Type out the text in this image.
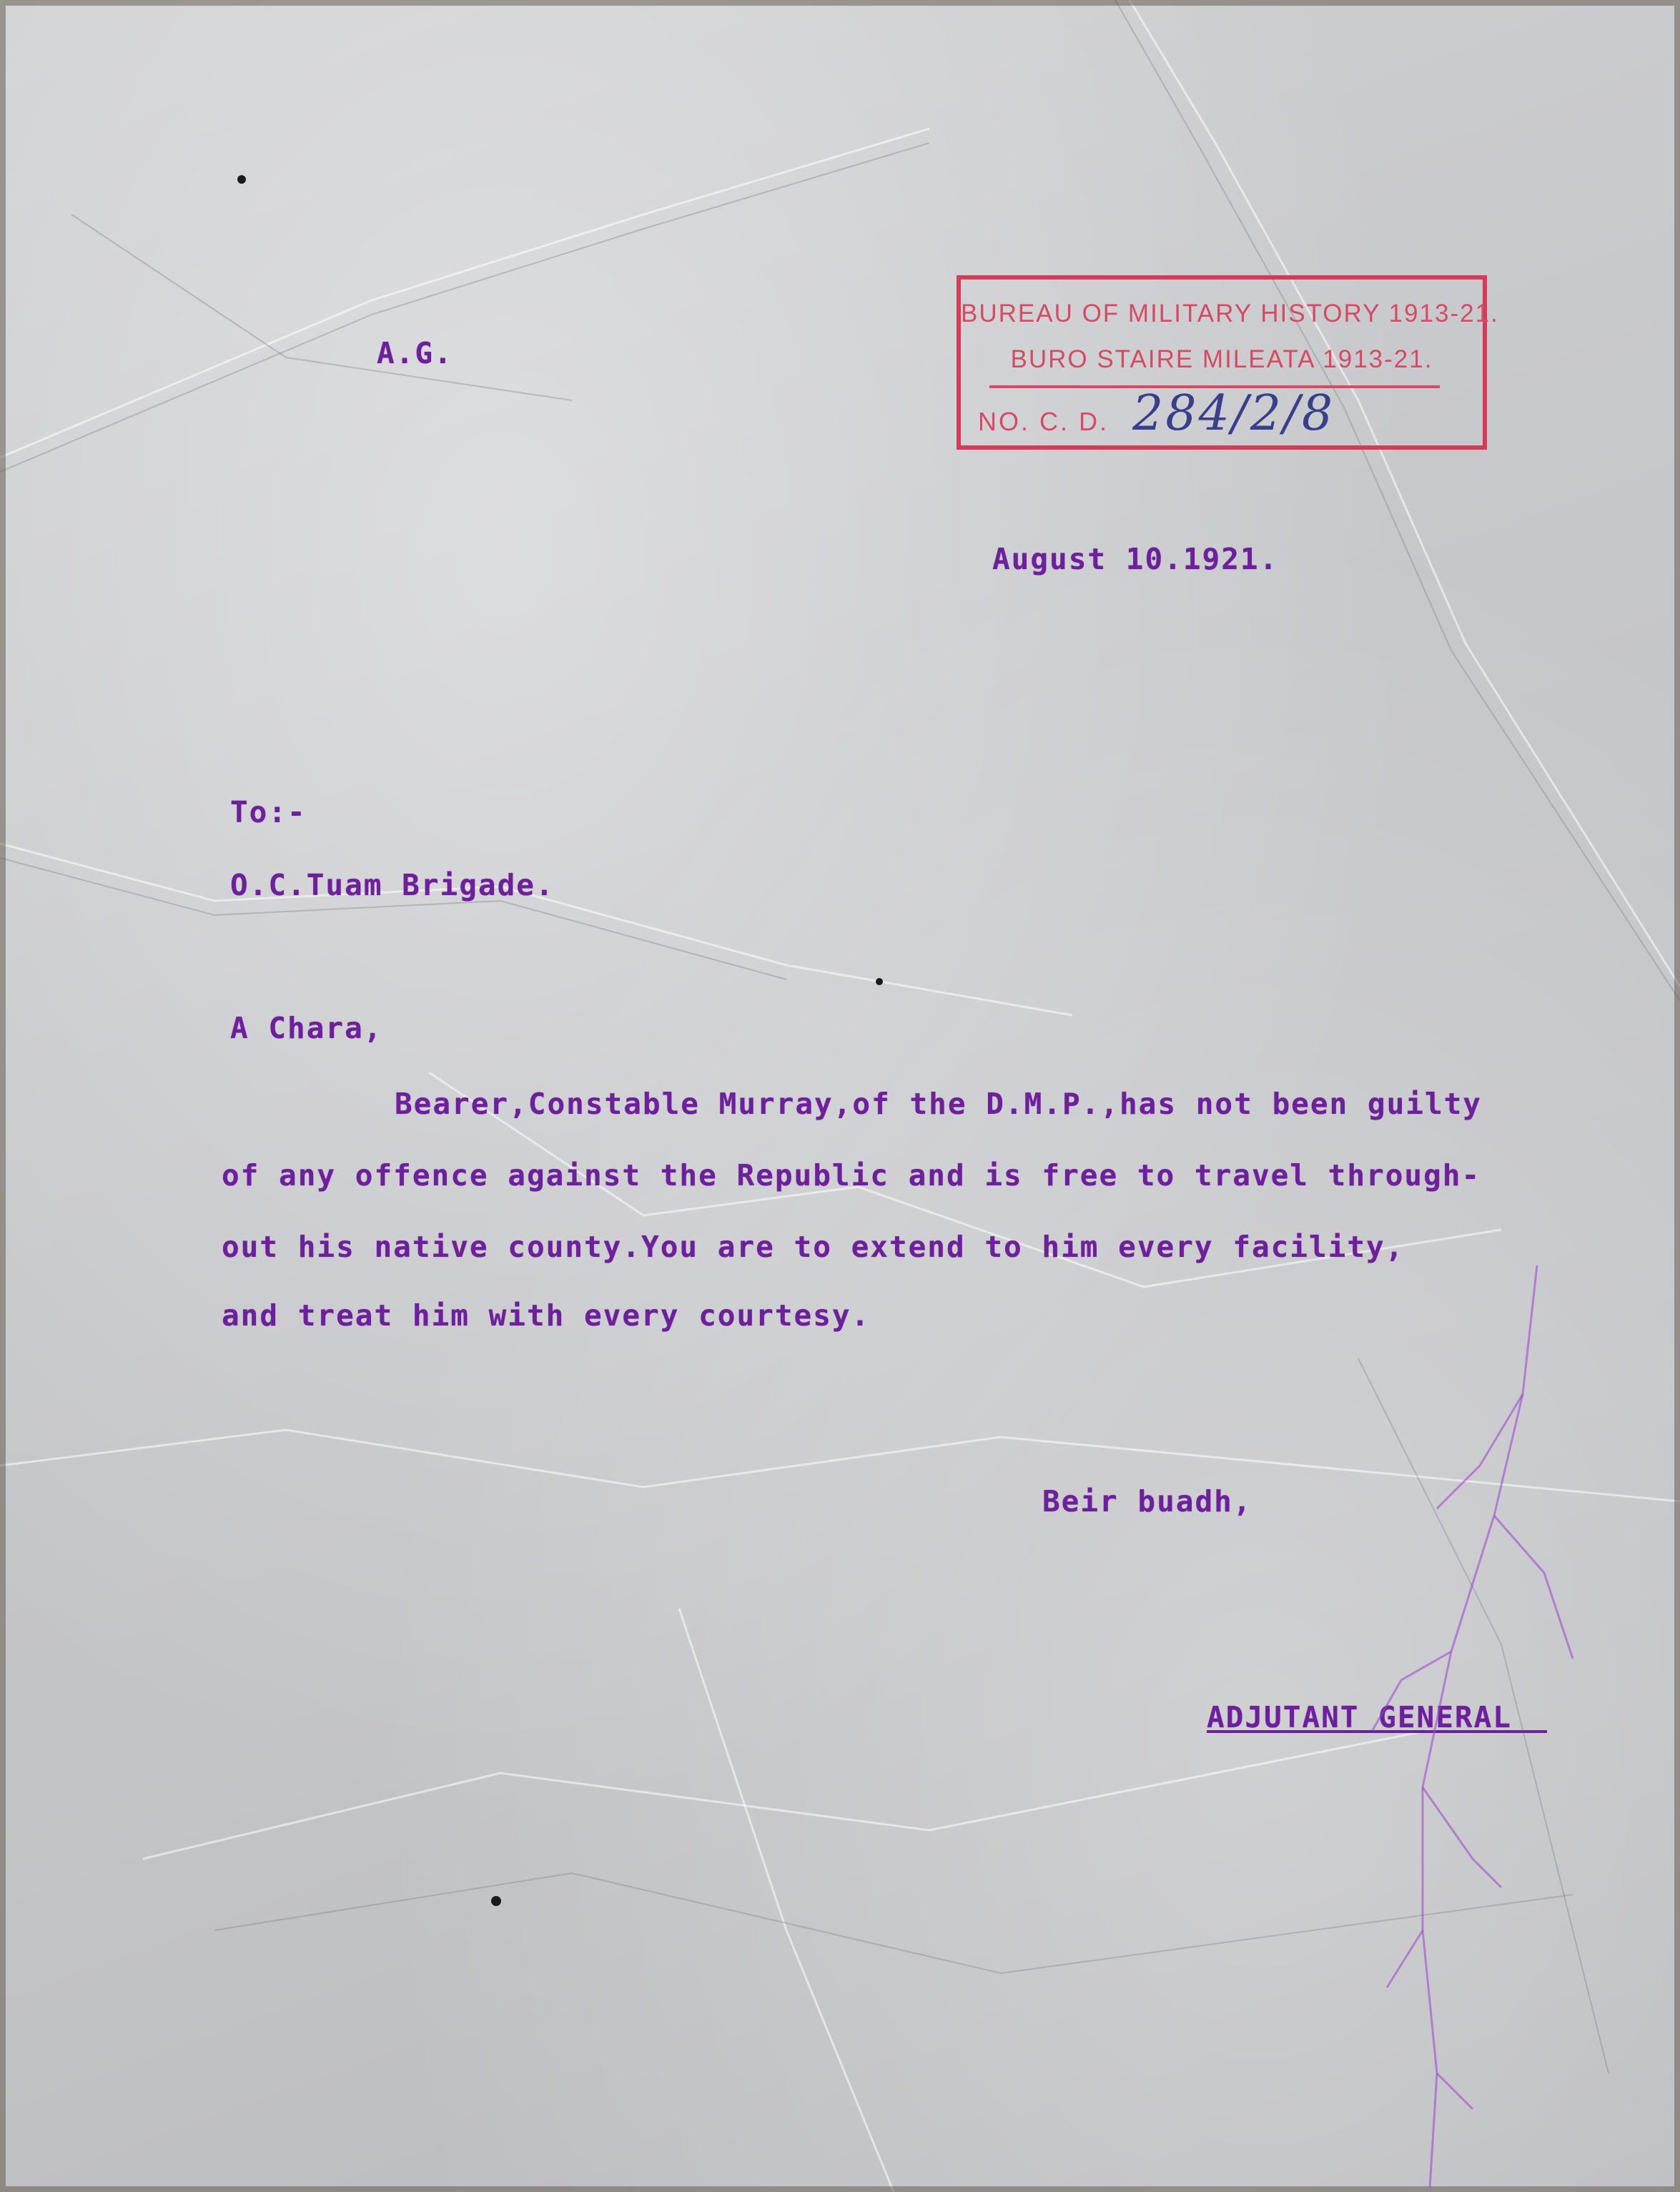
BUREAU OF MILITARY HISTORY 1913-21.
BURO STAIRE MILEATA 1913-21.
NO. C. D. 284/2/8
A.G.
August 10.1921.
To:-
O.C.Tuam Brigade.
A Chara,
Bearer,Constable Murray,of the D.M.P.,has not been guilty
of any offence against the Republic and is free to travel through-
out his native county.You are to extend to him every facility,
and treat him with every courtesy.
Beir buadh,
ADJUTANT GENERAL
